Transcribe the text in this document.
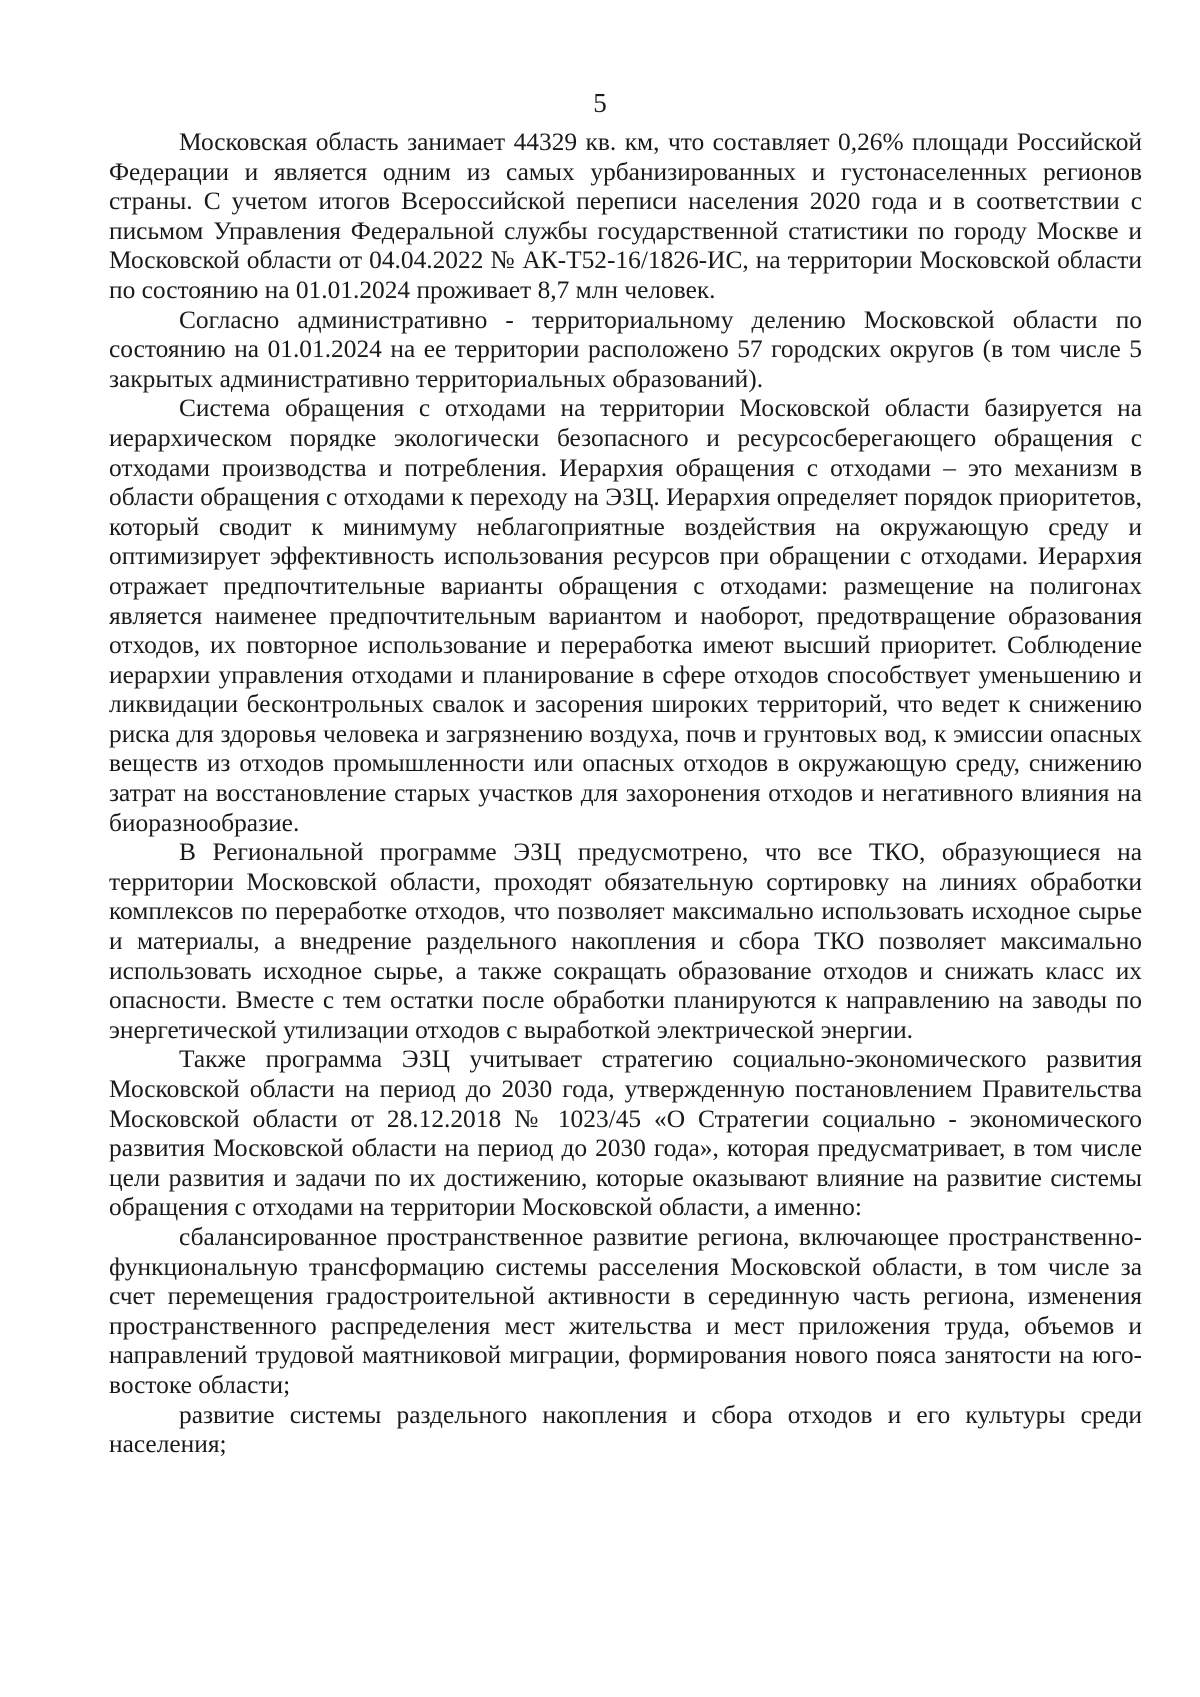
5

Московская область занимает 44329 кв. км, что составляет 0,26% площади Российской Федерации и является одним из самых урбанизированных и густонаселенных регионов страны. С учетом итогов Всероссийской переписи населения 2020 года и в соответствии с письмом Управления Федеральной службы государственной статистики по городу Москве и Московской области от 04.04.2022 № АК-Т52-16/1826-ИС, на территории Московской области по состоянию на 01.01.2024 проживает 8,7 млн человек.

Согласно административно - территориальному делению Московской области по состоянию на 01.01.2024 на ее территории расположено 57 городских округов (в том числе 5 закрытых административно территориальных образований).

Система обращения с отходами на территории Московской области базируется на иерархическом порядке экологически безопасного и ресурсосберегающего обращения с отходами производства и потребления. Иерархия обращения с отходами – это механизм в области обращения с отходами к переходу на ЭЗЦ. Иерархия определяет порядок приоритетов, который сводит к минимуму неблагоприятные воздействия на окружающую среду и оптимизирует эффективность использования ресурсов при обращении с отходами. Иерархия отражает предпочтительные варианты обращения с отходами: размещение на полигонах является наименее предпочтительным вариантом и наоборот, предотвращение образования отходов, их повторное использование и переработка имеют высший приоритет. Соблюдение иерархии управления отходами и планирование в сфере отходов способствует уменьшению и ликвидации бесконтрольных свалок и засорения широких территорий, что ведет к снижению риска для здоровья человека и загрязнению воздуха, почв и грунтовых вод, к эмиссии опасных веществ из отходов промышленности или опасных отходов в окружающую среду, снижению затрат на восстановление старых участков для захоронения отходов и негативного влияния на биоразнообразие.

В Региональной программе ЭЗЦ предусмотрено, что все ТКО, образующиеся на территории Московской области, проходят обязательную сортировку на линиях обработки комплексов по переработке отходов, что позволяет максимально использовать исходное сырье и материалы, а внедрение раздельного накопления и сбора ТКО позволяет максимально использовать исходное сырье, а также сокращать образование отходов и снижать класс их опасности. Вместе с тем остатки после обработки планируются к направлению на заводы по энергетической утилизации отходов с выработкой электрической энергии.

Также программа ЭЗЦ учитывает стратегию социально-экономического развития Московской области на период до 2030 года, утвержденную постановлением Правительства Московской области от 28.12.2018 № 1023/45 «О Стратегии социально - экономического развития Московской области на период до 2030 года», которая предусматривает, в том числе цели развития и задачи по их достижению, которые оказывают влияние на развитие системы обращения с отходами на территории Московской области, а именно:

сбалансированное пространственное развитие региона, включающее пространственно-функциональную трансформацию системы расселения Московской области, в том числе за счет перемещения градостроительной активности в серединную часть региона, изменения пространственного распределения мест жительства и мест приложения труда, объемов и направлений трудовой маятниковой миграции, формирования нового пояса занятости на юго-востоке области;

развитие системы раздельного накопления и сбора отходов и его культуры среди населения;
